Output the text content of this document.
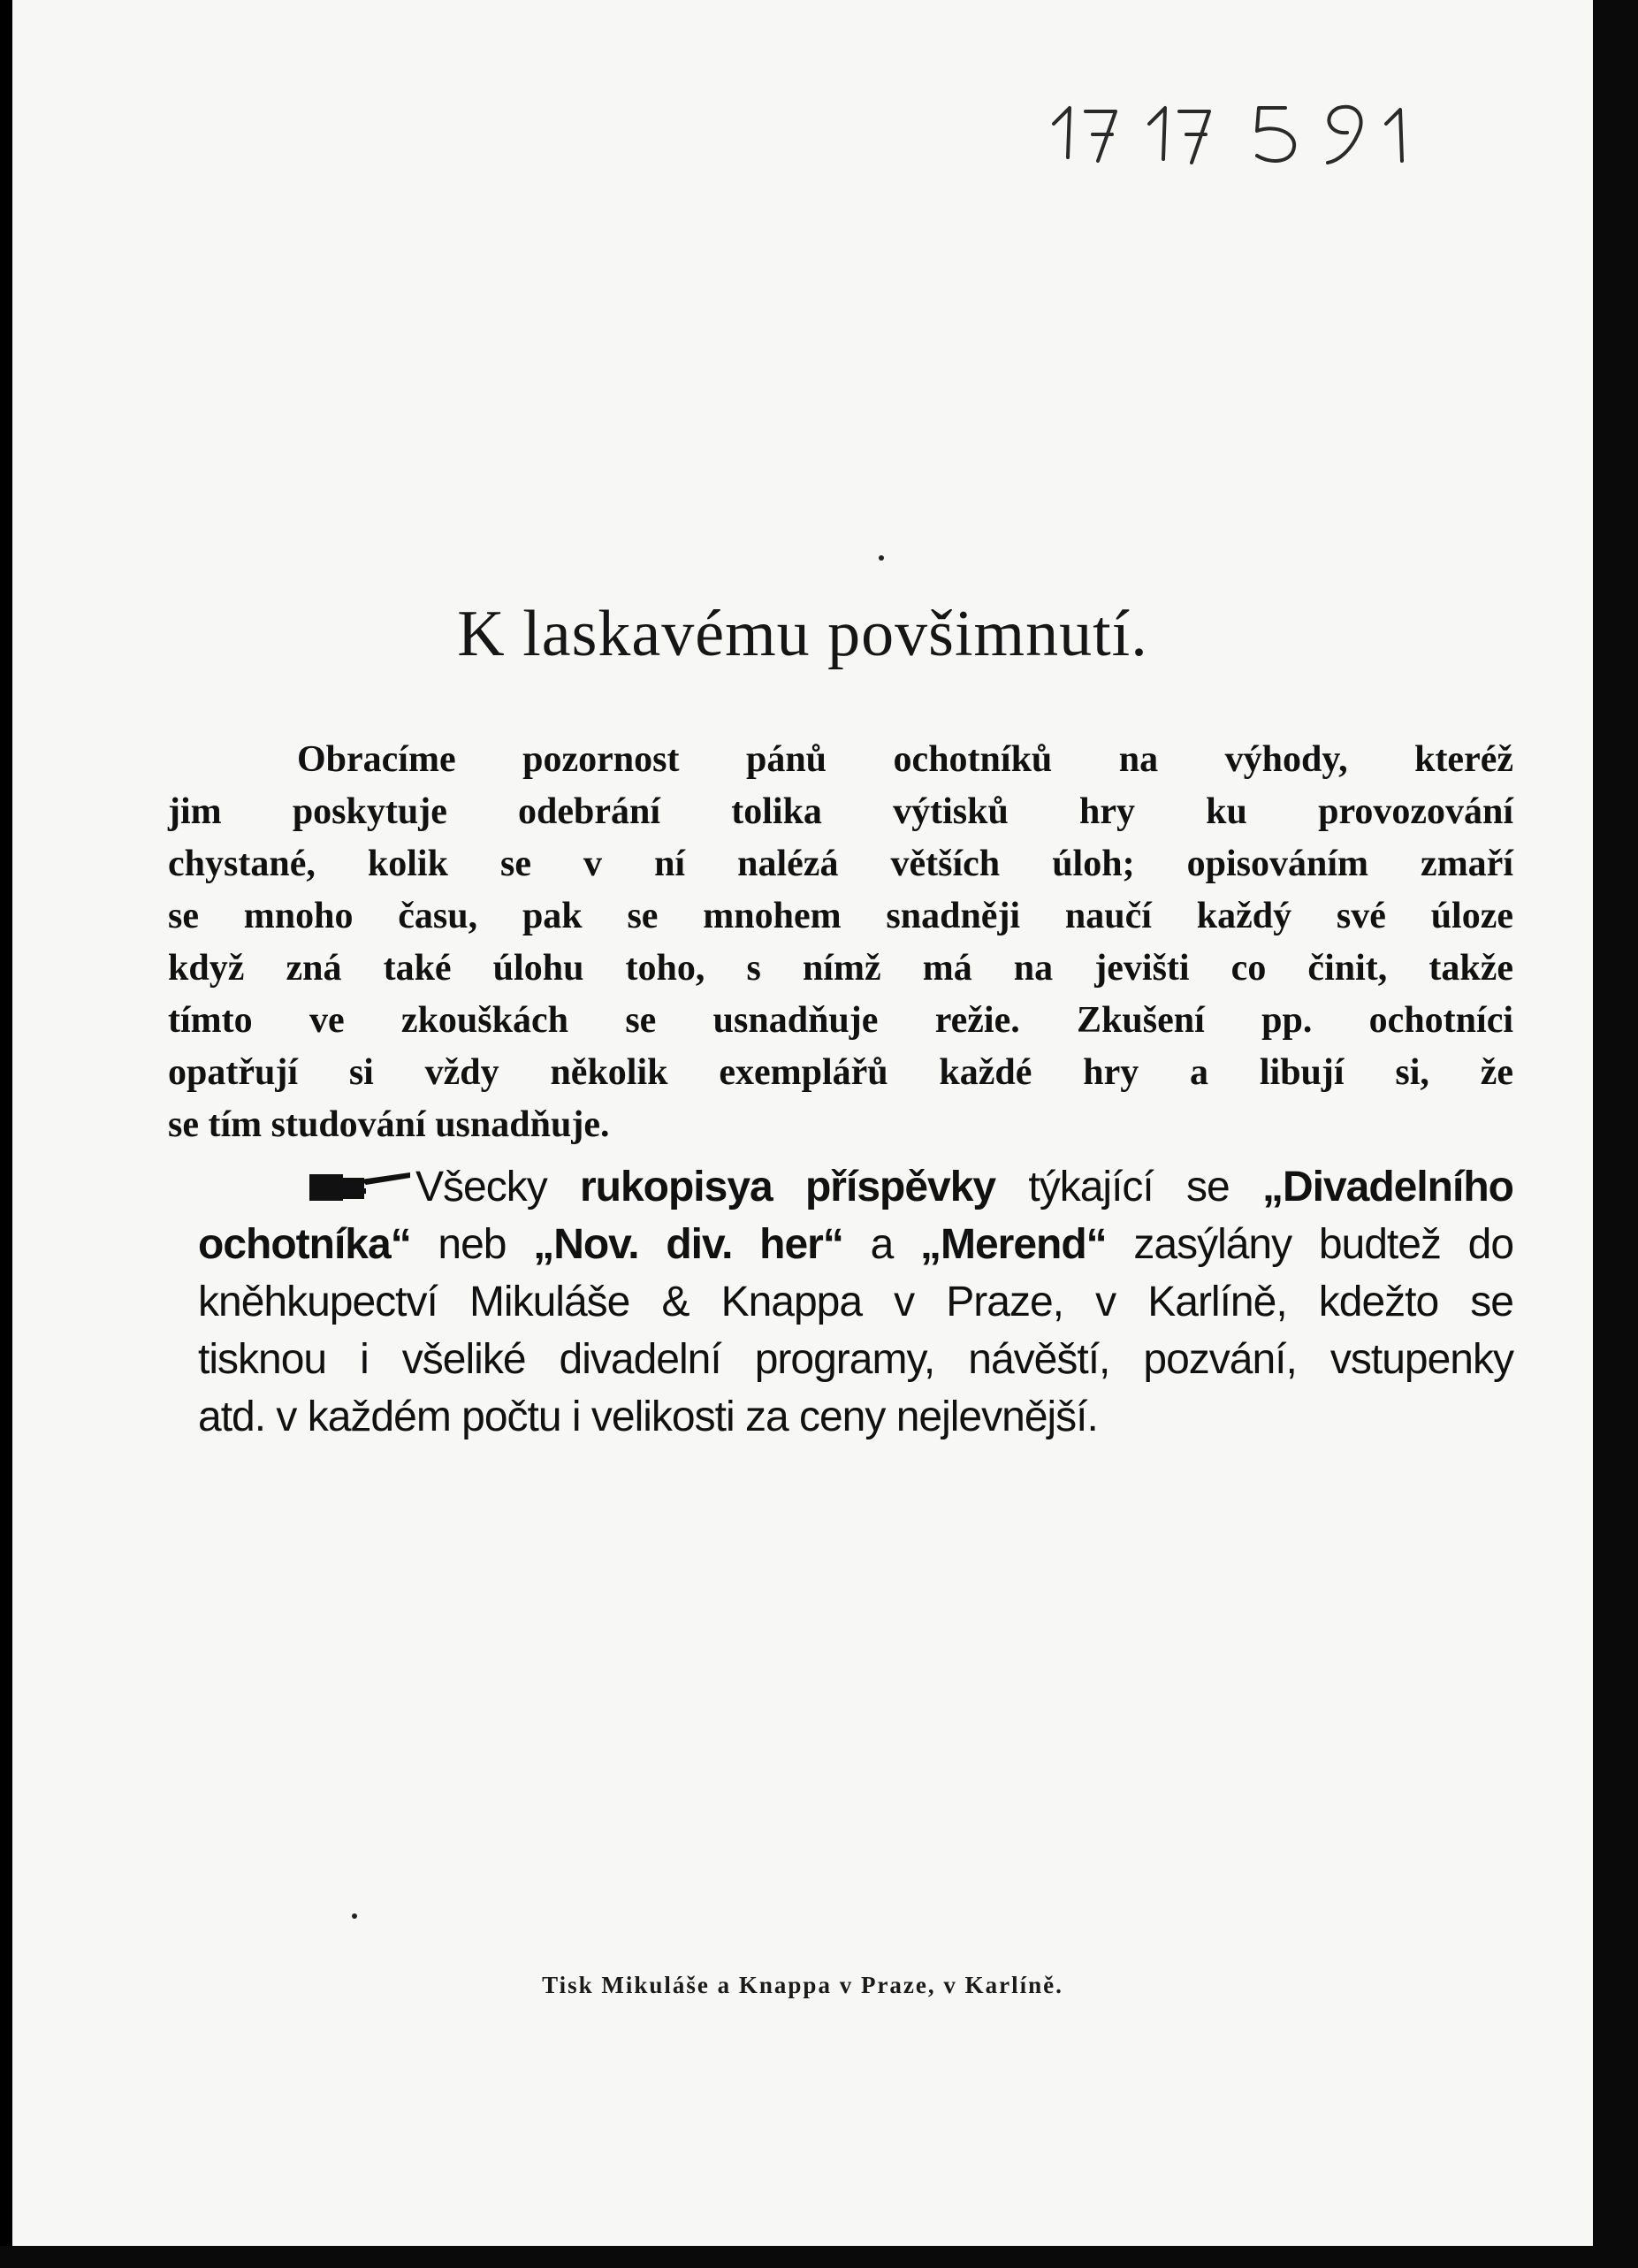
17 17 5 9 1
K laskavému povšimnutí.
Obracíme pozornost pánů ochotníků na výhody, kteréž
jim poskytuje odebrání tolika výtisků hry ku provozování
chystané, kolik se v ní nalézá větších úloh; opisováním zmaří
se mnoho času, pak se mnohem snadněji naučí každý své úloze
když zná také úlohu toho, s nímž má na jevišti co činit, takže
tímto ve zkouškách se usnadňuje režie. Zkušení pp. ochotníci
opatřují si vždy několik exemplářů každé hry a libují si, že
se tím studování usnadňuje.
Všecky rukopisya příspěvky týkající se „Divadelního
ochotníka“ neb „Nov. div. her“ a „Merend“ zasýlány budtež do
kněhkupectví Mikuláše & Knappa v Praze, v Karlíně, kdežto se
tisknou i všeliké divadelní programy, návěští, pozvání, vstupenky
atd. v každém počtu i velikosti za ceny nejlevnější.
Tisk Mikuláše a Knappa v Praze, v Karlíně.
